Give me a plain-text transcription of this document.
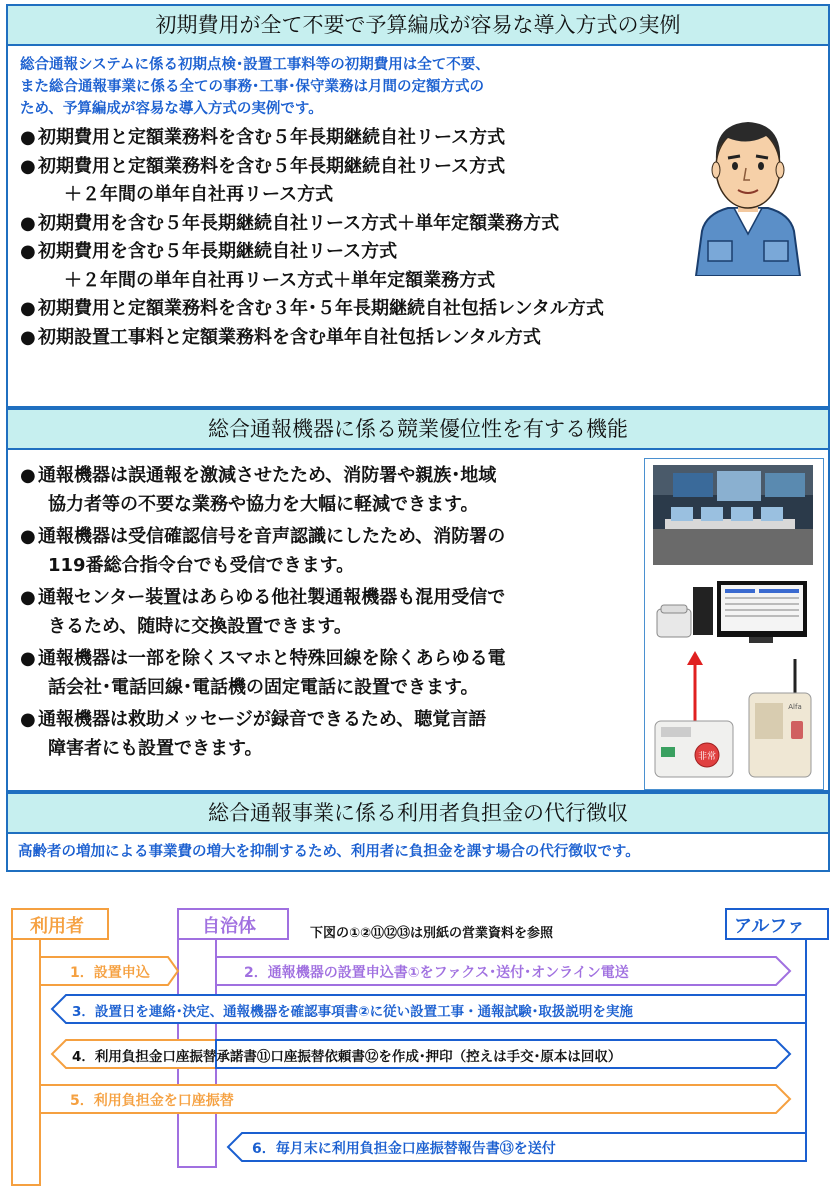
初期費用が全て不要で予算編成が容易な導入方式の実例
総合通報システムに係る初期点検･設置工事料等の初期費用は全て不要、
また総合通報事業に係る全ての事務･工事･保守業務は月間の定額方式の
ため、予算編成が容易な導入方式の実例です。
● 初期費用と定額業務料を含む５年長期継続自社リース方式
● 初期費用と定額業務料を含む５年長期継続自社リース方式
＋２年間の単年自社再リース方式
● 初期費用を含む５年長期継続自社リース方式＋単年定額業務方式
● 初期費用を含む５年長期継続自社リース方式
＋２年間の単年自社再リース方式＋単年定額業務方式
● 初期費用と定額業務料を含む３年･５年長期継続自社包括レンタル方式
● 初期設置工事料と定額業務料を含む単年自社包括レンタル方式
総合通報機器に係る競業優位性を有する機能
● 通報機器は誤通報を激減させたため、消防署や親族･地域
協力者等の不要な業務や協力を大幅に軽減できます。
● 通報機器は受信確認信号を音声認識にしたため、消防署の
119番総合指令台でも受信できます。
● 通報センター装置はあらゆる他社製通報機器も混用受信で
きるため、随時に交換設置できます。
● 通報機器は一部を除くスマホと特殊回線を除くあらゆる電
話会社･電話回線･電話機の固定電話に設置できます。
● 通報機器は救助メッセージが録音できるため、聴覚言語
障害者にも設置できます。	非常
Alfa
総合通報事業に係る利用者負担金の代行徴収
高齢者の増加による事業費の増大を抑制するため、利用者に負担金を課す場合の代行徴収です。
利用者	自治体	アルファ
下図の①②⑪⑫⑬は別紙の営業資料を参照
1．設置申込	2．通報機器の設置申込書①をファクス･送付･オンライン電送
3．設置日を連絡･決定、通報機器を確認事項書②に従い設置工事・通報試験･取扱説明を実施
4．利用負担金口座振替承諾書⑪口座振替依頼書⑫を作成･押印（控えは手交･原本は回収）
5．利用負担金を口座振替
6．毎月末に利用負担金口座振替報告書⑬を送付
